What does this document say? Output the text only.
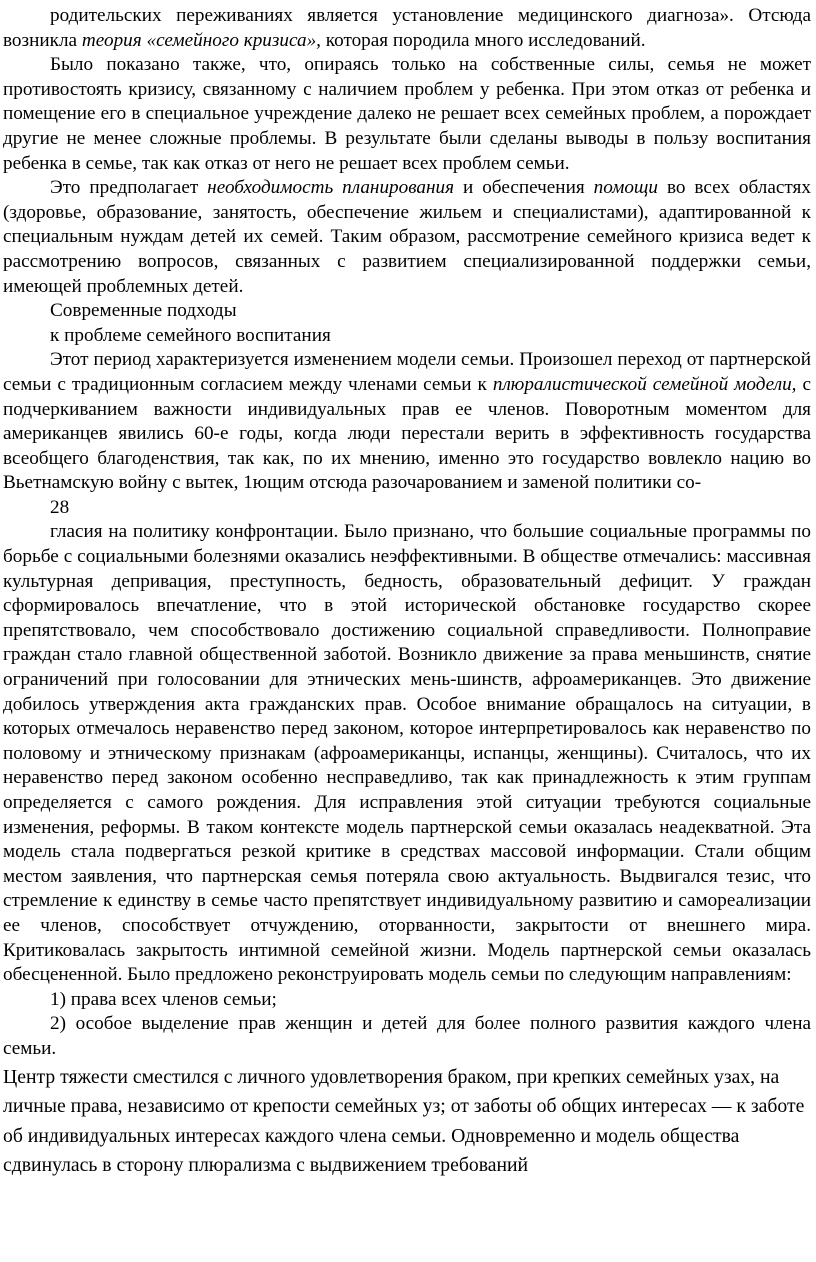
родительских переживаниях является установление медицинского диагноза». Отсюда возникла теория «семейного кризиса», которая породила много исследований.

Было показано также, что, опираясь только на собственные силы, семья не может противостоять кризису, связанному с наличием проблем у ребенка. При этом отказ от ребенка и помещение его в специальное учреждение далеко не решает всех семейных проблем, а порождает другие не менее сложные проблемы. В результате были сделаны выводы в пользу воспитания ребенка в семье, так как отказ от него не решает всех проблем семьи.

Это предполагает необходимость планирования и обеспечения помощи во всех областях (здоровье, образование, занятость, обеспечение жильем и специалистами), адаптированной к специальным нуждам детей их семей. Таким образом, рассмотрение семейного кризиса ведет к рассмотрению вопросов, связанных с развитием специализированной поддержки семьи, имеющей проблемных детей.

Современные подходы

к проблеме семейного воспитания

Этот период характеризуется изменением модели семьи. Произошел переход от партнерской семьи с традиционным согласием между членами семьи к плюралистической семейной модели, с подчеркиванием важности индивидуальных прав ее членов. Поворотным моментом для американцев явились 60-е годы, когда люди перестали верить в эффективность государства всеобщего благоденствия, так как, по их мнению, именно это государство вовлекло нацию во Вьетнамскую войну с вытек, 1ющим отсюда разочарованием и заменой политики со-

28

гласия на политику конфронтации. Было признано, что большие социальные программы по борьбе с социальными болезнями оказались неэффективными. В обществе отмечались: массивная культурная депривация, преступность, бедность, образовательный дефицит. У граждан сформировалось впечатление, что в этой исторической обстановке государство скорее препятствовало, чем способствовало достижению социальной справедливости. Полноправие граждан стало главной общественной заботой. Возникло движение за права меньшинств, снятие ограничений при голосовании для этнических мень-шинств, афроамериканцев. Это движение добилось утверждения акта гражданских прав. Особое внимание обращалось на ситуации, в которых отмечалось неравенство перед законом, которое интерпретировалось как неравенство по половому и этническому признакам (афроамериканцы, испанцы, женщины). Считалось, что их неравенство перед законом особенно несправедливо, так как принадлежность к этим группам определяется с самого рождения. Для исправления этой ситуации требуются социальные изменения, реформы. В таком контексте модель партнерской семьи оказалась неадекватной. Эта модель стала подвергаться резкой критике в средствах массовой информации. Стали общим местом заявления, что партнерская семья потеряла свою актуальность. Выдвигался тезис, что стремление к единству в семье часто препятствует индивидуальному развитию и самореализации ее членов, способствует отчуждению, оторванности, закрытости от внешнего мира. Критиковалась закрытость интимной семейной жизни. Модель партнерской семьи оказалась обесцененной. Было предложено реконструировать модель семьи по следующим направлениям:

1) права всех членов семьи;

2) особое выделение прав женщин и детей для более полного развития каждого члена семьи.

Центр тяжести сместился с личного удовлетворения браком, при крепких семейных узах, на личные права, независимо от крепости семейных уз; от заботы об общих интересах — к заботе об индивидуальных интересах каждого члена семьи. Одновременно и модель общества сдвинулась в сторону плюрализма с выдвижением требований
